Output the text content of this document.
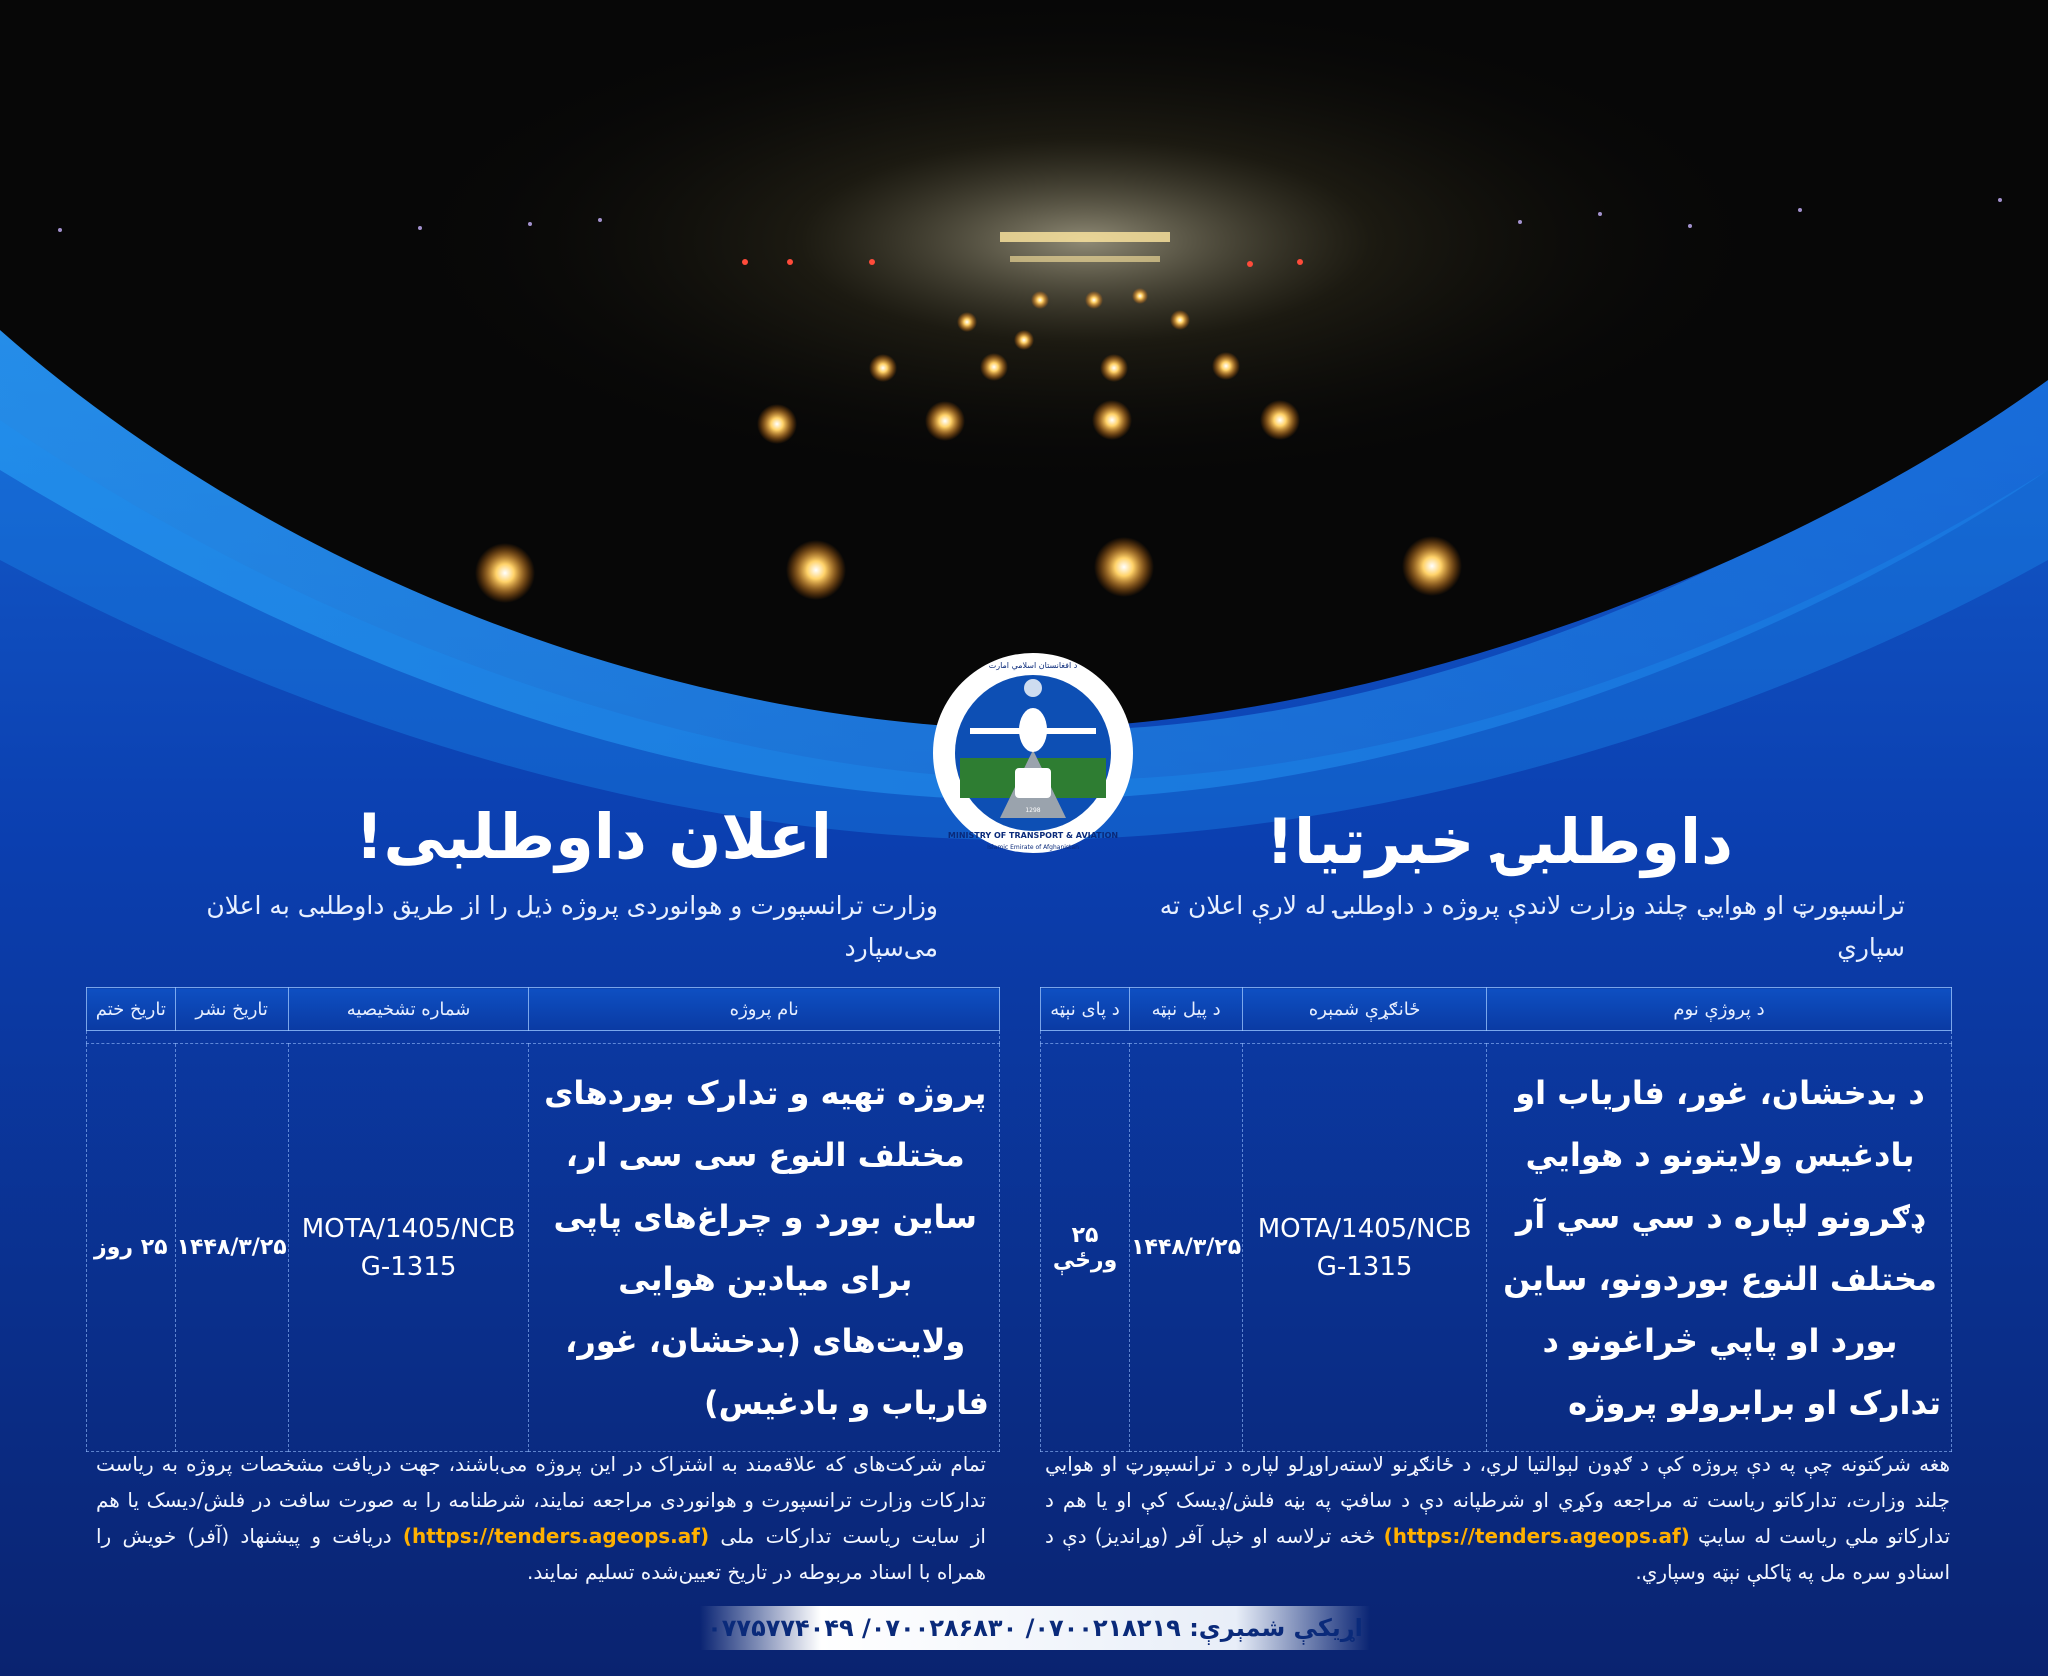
د افغانستان اسلامي امارت
MINISTRY OF TRANSPORT & AVIATION
Islamic Emirate of Afghanistan
1298
اعلان داوطلبی!
وزارت ترانسپورت و هوانوردی پروژه ذیل را از طریق داوطلبی به اعلان می‌سپارد
نام پروژه	شماره تشخیصیه	تاریخ نشر	تاریخ ختم

پروژه تهیه و تدارک بوردهای مختلف النوع سی سی ار، ساین بورد و چراغ‌های پاپی برای میادین هوایی ولایت‌های (بدخشان، غور، فاریاب و بادغیس)	MOTA/1405/NCB G-1315	۱۴۴۸/۳/۲۵	۲۵ روز
تمام شرکت‌های که علاقه‌مند به اشتراک در این پروژه می‌باشند، جهت دریافت مشخصات پروژه به ریاست تدارکات وزارت ترانسپورت و هوانوردی مراجعه نمایند، شرطنامه را به صورت سافت در فلش/دیسک یا هم از سایت ریاست تدارکات ملی (https://tenders.ageops.af) دریافت و پیشنهاد (آفر) خویش را همراه با اسناد مربوطه در تاریخ تعیین‌شده تسلیم نمایند.
داوطلبۍ خبرتیا!
ترانسپورټ او هوايي چلند وزارت لاندې پروژه د داوطلبۍ له لارې اعلان ته سپاري
د پروژې نوم	ځانګړې شمېره	د پیل نېټه	د پای نېټه

د بدخشان، غور، فاریاب او بادغیس ولایتونو د هوايي ډګرونو لپاره د سي سي آر مختلف النوع بوردونو، ساین بورد او پاپي څراغونو د تدارک او برابرولو پروژه	MOTA/1405/NCB G-1315	۱۴۴۸/۳/۲۵	۲۵ ورځې
هغه شرکتونه چې په دې پروژه کې د ګډون لېوالتیا لري، د ځانګړنو لاسته‌راوړلو لپاره د ترانسپورټ او هوايي چلند وزارت، تدارکاتو ریاست ته مراجعه وکړي او شرطپانه دې د سافټ په بڼه فلش/ډیسک کې او یا هم د تدارکاتو ملي ریاست له سایټ (https://tenders.ageops.af) څخه ترلاسه او خپل آفر (وړاندیز) دې د اسنادو سره مل په ټاکلې نېټه وسپاري.
اړیکې شمېرې: ۰۷۰۰۲۱۸۲۱۹/ ۰۷۰۰۲۸۶۸۳۰/ ۰۷۷۵۷۷۴۰۴۹
